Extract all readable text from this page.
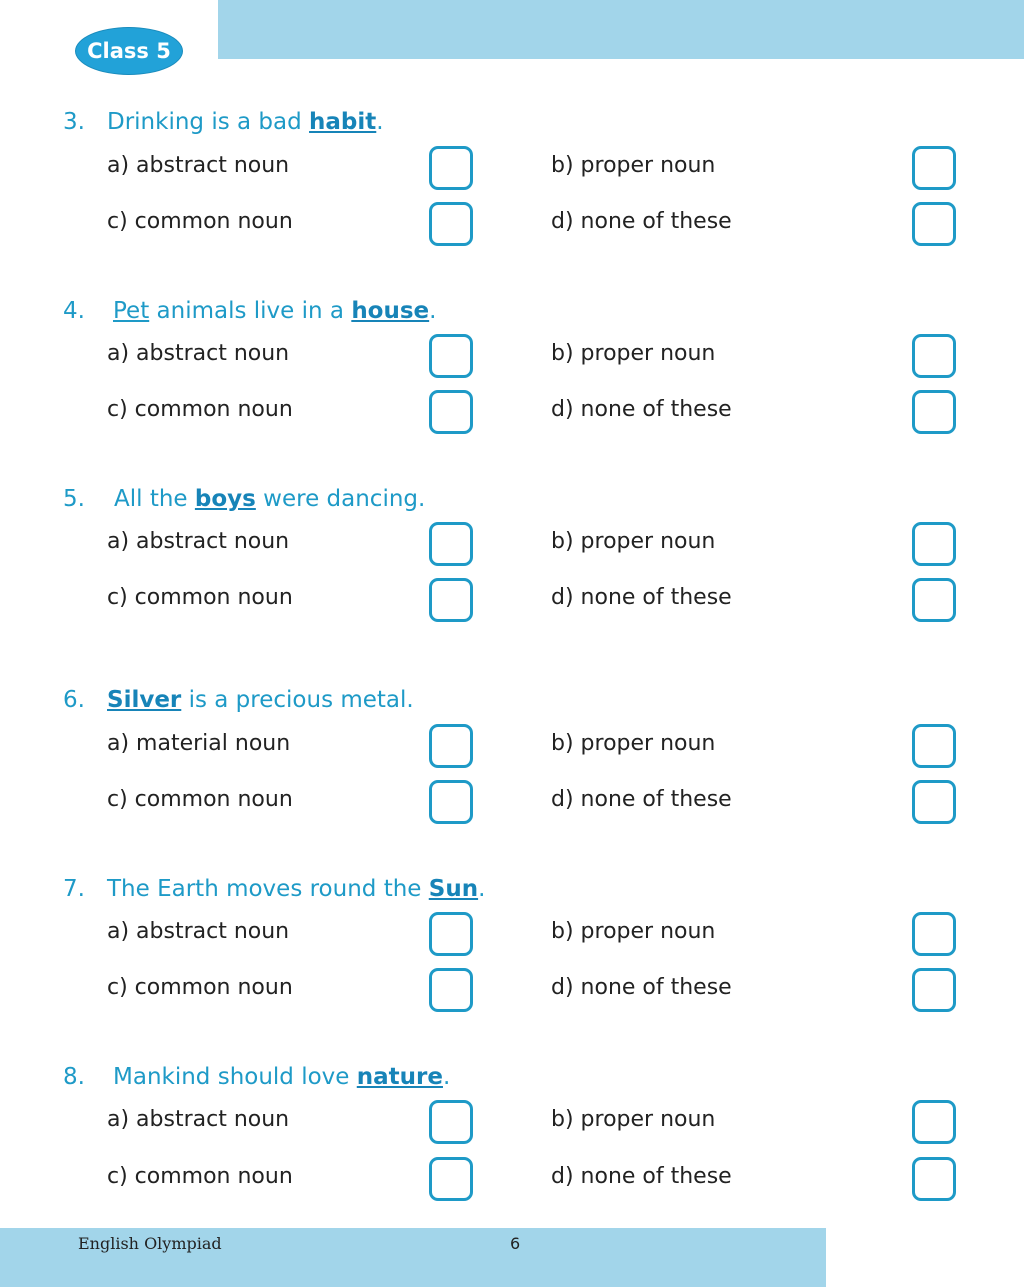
Class 5
3. Drinking is a bad habit.
a) abstract noun	b) proper noun
c) common noun	d) none of these
4. Pet animals live in a house.
a) abstract noun	b) proper noun
c) common noun	d) none of these
5. All the boys were dancing.
a) abstract noun	b) proper noun
c) common noun	d) none of these
6. Silver is a precious metal.
a) material noun	b) proper noun
c) common noun	d) none of these
7. The Earth moves round the Sun.
a) abstract noun	b) proper noun
c) common noun	d) none of these
8. Mankind should love nature.
a) abstract noun	b) proper noun
c) common noun	d) none of these
English Olympiad	6
